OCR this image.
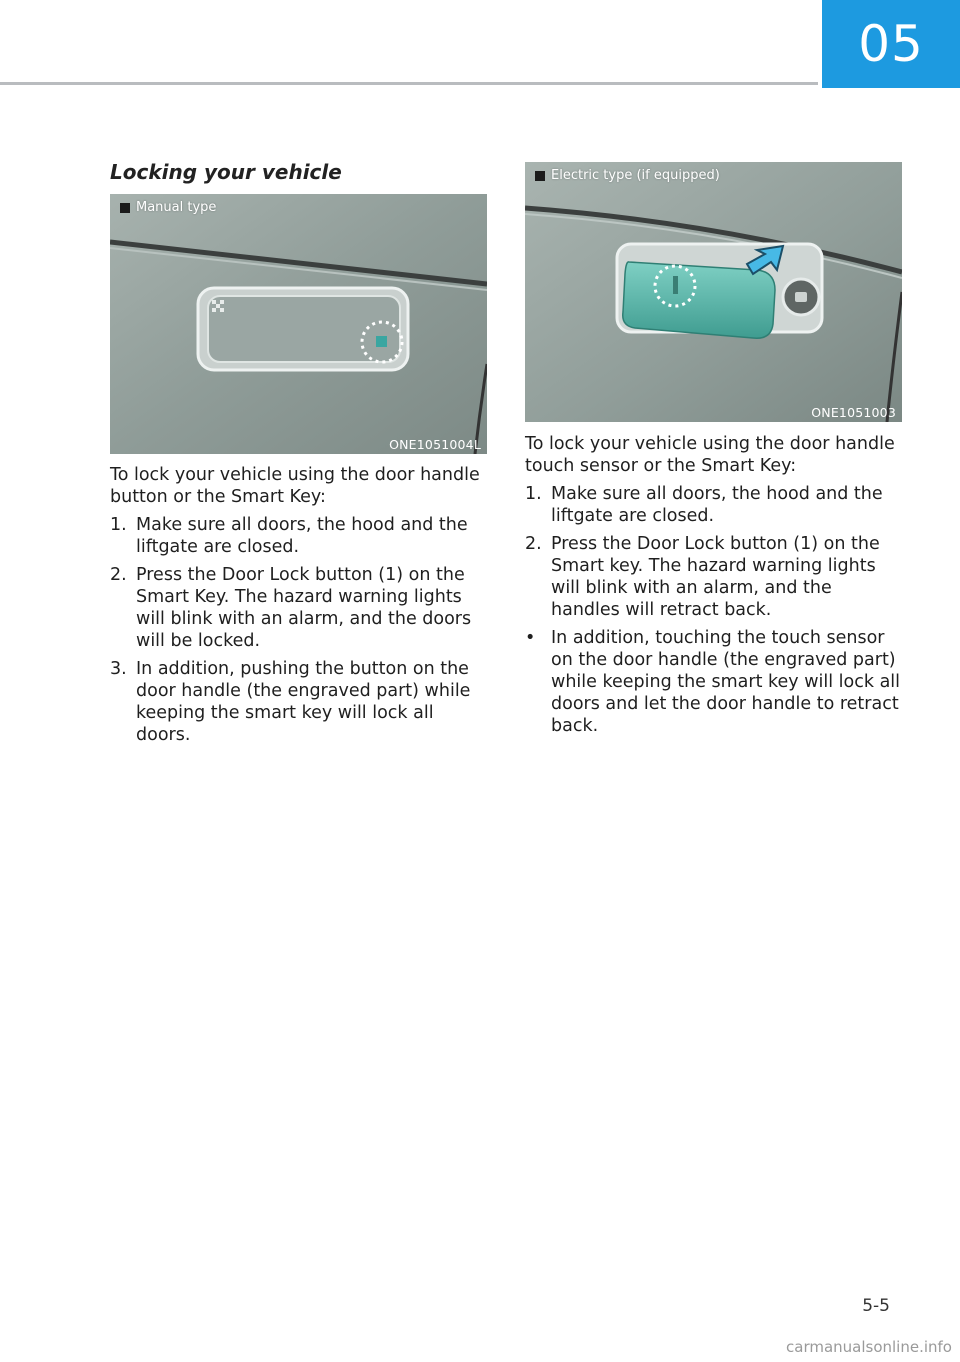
05
Locking your vehicle
Manual type
ONE1051004L
Electric type (if equipped)
ONE1051003

To lock your vehicle using the door handle button or the Smart Key:

1. Make sure all doors, the hood and the liftgate are closed.
2. Press the Door Lock button (1) on the Smart Key. The hazard warning lights will blink with an alarm, and the doors will be locked.
3. In addition, pushing the button on the door handle (the engraved part) while keeping the smart key will lock all doors.

To lock your vehicle using the door handle touch sensor or the Smart Key:

1. Make sure all doors, the hood and the liftgate are closed.
2. Press the Door Lock button (1) on the Smart key. The hazard warning lights will blink with an alarm, and the handles will retract back.
• In addition, touching the touch sensor on the door handle (the engraved part) while keeping the smart key will lock all doors and let the door handle to retract back.
5-5
carmanualsonline.info
